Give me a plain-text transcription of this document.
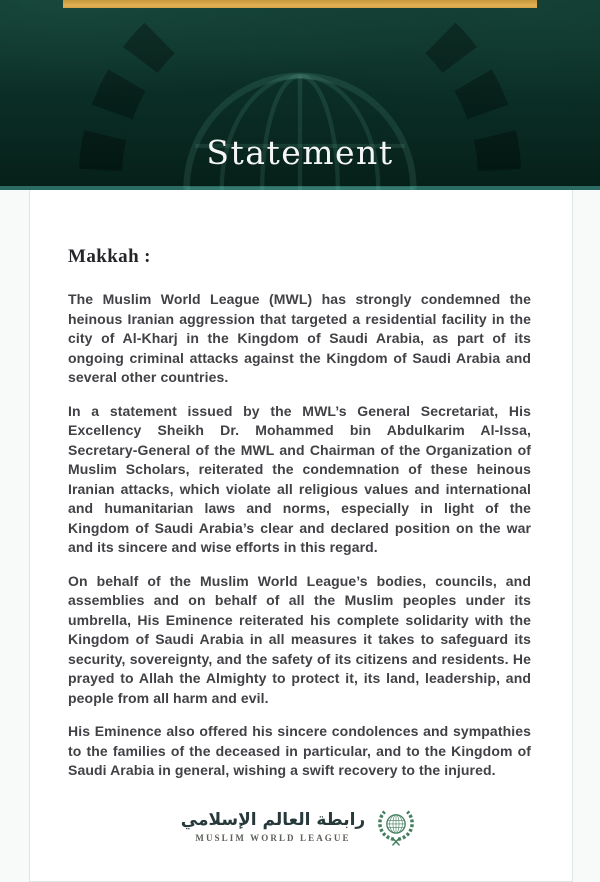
Statement
Makkah :

The Muslim World League (MWL) has strongly condemned the heinous Iranian aggression that targeted a residential facility in the city of Al-Kharj in the Kingdom of Saudi Arabia, as part of its ongoing criminal attacks against the Kingdom of Saudi Arabia and several other countries.

In a statement issued by the MWL’s General Secretariat, His Excellency Sheikh Dr. Mohammed bin Abdulkarim Al-Issa, Secretary-General of the MWL and Chairman of the Organization of Muslim Scholars, reiterated the condemnation of these heinous Iranian attacks, which violate all religious values and international and humanitarian laws and norms, especially in light of the Kingdom of Saudi Arabia’s clear and declared position on the war and its sincere and wise efforts in this regard.

On behalf of the Muslim World League’s bodies, councils, and assemblies and on behalf of all the Muslim peoples under its umbrella, His Eminence reiterated his complete solidarity with the Kingdom of Saudi Arabia in all measures it takes to safeguard its security, sovereignty, and the safety of its citizens and residents. He prayed to Allah the Almighty to protect it, its land, leadership, and people from all harm and evil.

His Eminence also offered his sincere condolences and sympathies to the families of the deceased in particular, and to the Kingdom of Saudi Arabia in general, wishing a swift recovery to the injured.

رابطة العالم الإسلامي
MUSLIM WORLD LEAGUE
